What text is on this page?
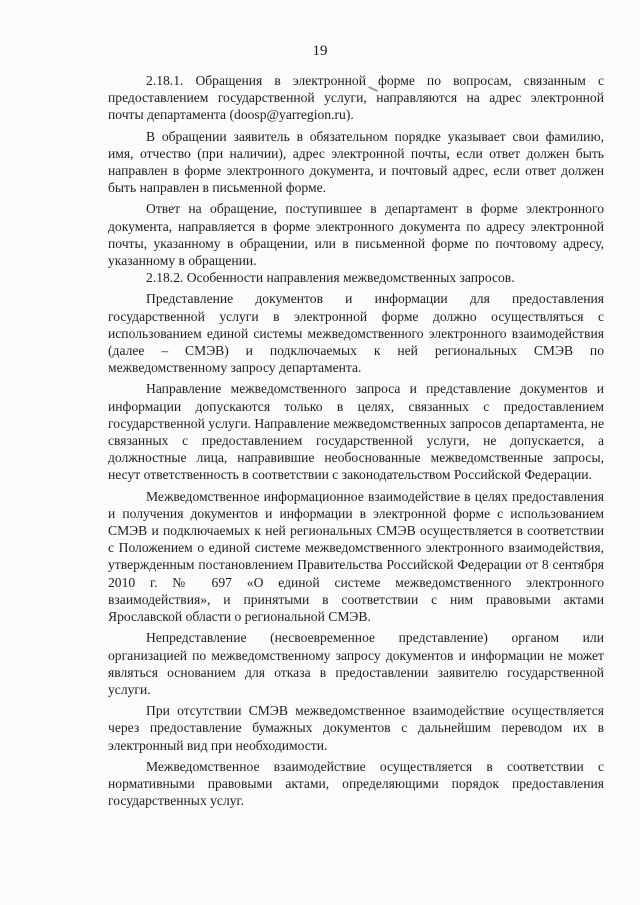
19

2.18.1. Обращения в электронной форме по вопросам, связанным с предоставлением государственной услуги, направляются на адрес электронной почты департамента (doosp@yarregion.ru).

В обращении заявитель в обязательном порядке указывает свои фамилию, имя, отчество (при наличии), адрес электронной почты, если ответ должен быть направлен в форме электронного документа, и почтовый адрес, если ответ должен быть направлен в письменной форме.

Ответ на обращение, поступившее в департамент в форме электронного документа, направляется в форме электронного документа по адресу электронной почты, указанному в обращении, или в письменной форме по почтовому адресу, указанному в обращении.

2.18.2. Особенности направления межведомственных запросов.

Представление документов и информации для предоставления государственной услуги в электронной форме должно осуществляться с использованием единой системы межведомственного электронного взаимодействия (далее – СМЭВ) и подключаемых к ней региональных СМЭВ по межведомственному запросу департамента.

Направление межведомственного запроса и представление документов и информации допускаются только в целях, связанных с предоставлением государственной услуги. Направление межведомственных запросов департамента, не связанных с предоставлением государственной услуги, не допускается, а должностные лица, направившие необоснованные межведомственные запросы, несут ответственность в соответствии с законодательством Российской Федерации.

Межведомственное информационное взаимодействие в целях предоставления и получения документов и информации в электронной форме с использованием СМЭВ и подключаемых к ней региональных СМЭВ осуществляется в соответствии с Положением о единой системе межведомственного электронного взаимодействия, утвержденным постановлением Правительства Российской Федерации от 8 сентября 2010 г. № 697 «О единой системе межведомственного электронного взаимодействия», и принятыми в соответствии с ним правовыми актами Ярославской области о региональной СМЭВ.

Непредставление (несвоевременное представление) органом или организацией по межведомственному запросу документов и информации не может являться основанием для отказа в предоставлении заявителю государственной услуги.

При отсутствии СМЭВ межведомственное взаимодействие осуществляется через предоставление бумажных документов с дальнейшим переводом их в электронный вид при необходимости.

Межведомственное взаимодействие осуществляется в соответствии с нормативными правовыми актами, определяющими порядок предоставления государственных услуг.
